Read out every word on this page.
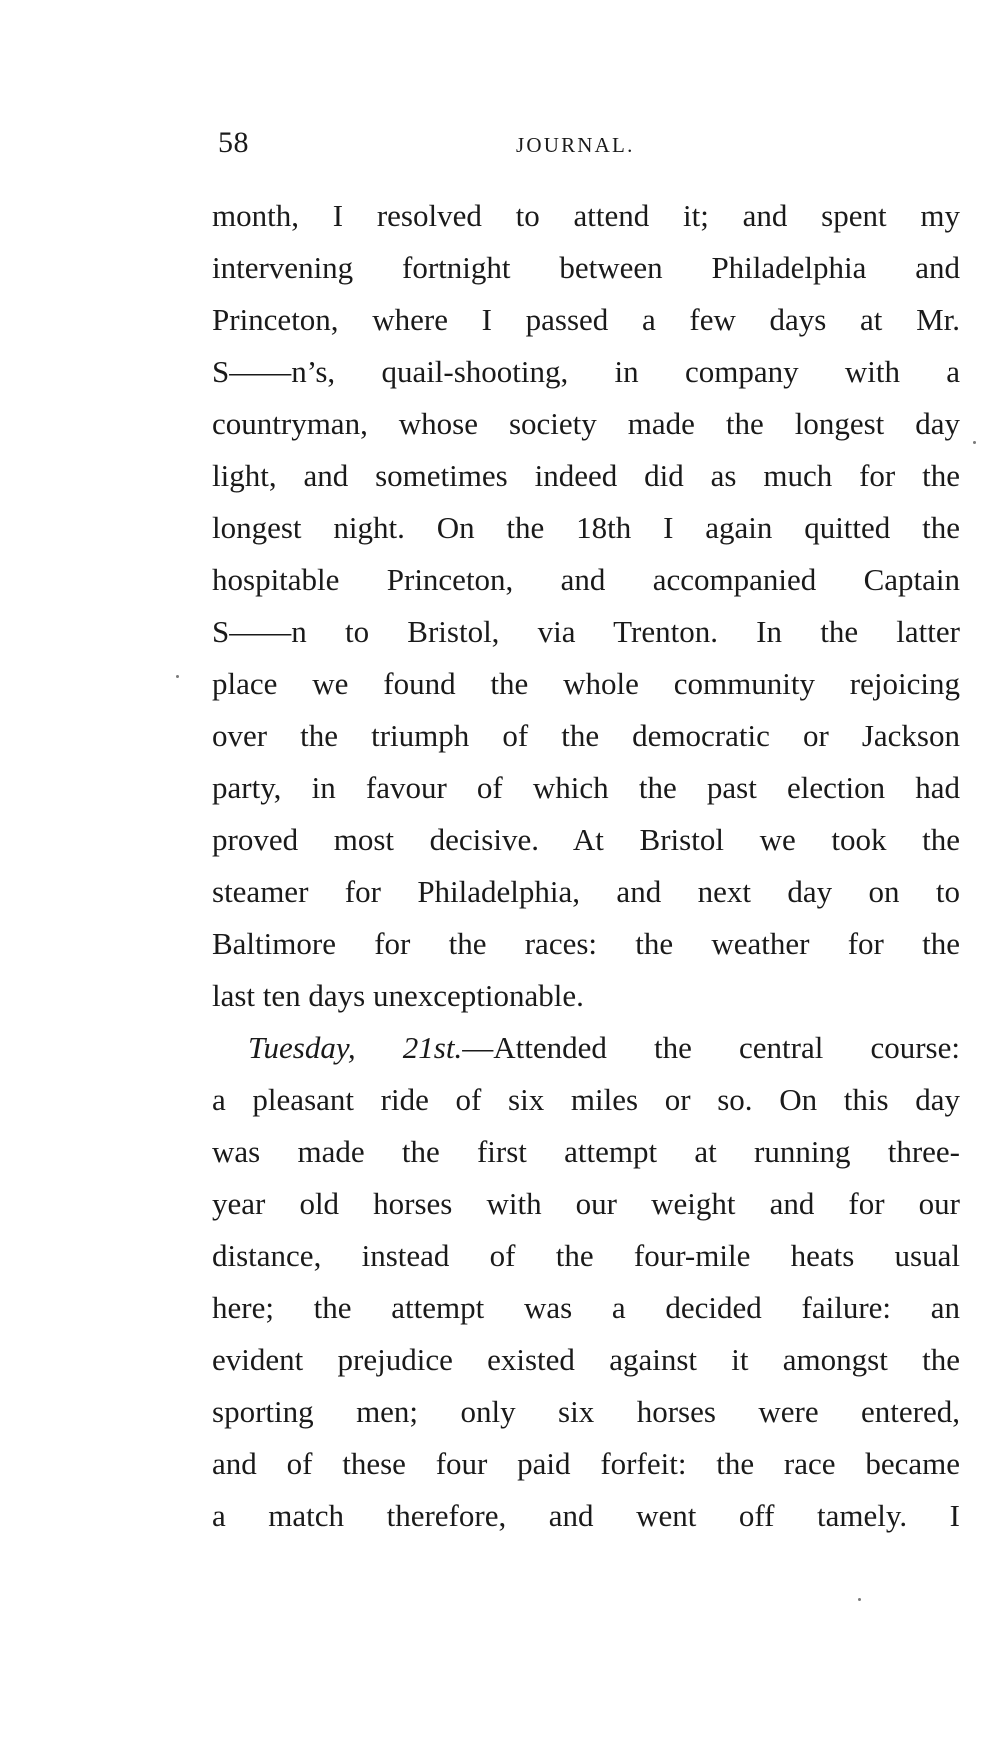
58	JOURNAL.
month, I resolved to attend it; and spent my
intervening fortnight between Philadelphia and
Princeton, where I passed a few days at Mr.
S——n’s, quail-shooting, in company with a
countryman, whose society made the longest day
light, and sometimes indeed did as much for the
longest night. On the 18th I again quitted the
hospitable Princeton, and accompanied Captain
S——n to Bristol, via Trenton. In the latter
place we found the whole community rejoicing
over the triumph of the democratic or Jackson
party, in favour of which the past election had
proved most decisive. At Bristol we took the
steamer for Philadelphia, and next day on to
Baltimore for the races: the weather for the
last ten days unexceptionable.
Tuesday, 21st.—Attended the central course:
a pleasant ride of six miles or so. On this day
was made the first attempt at running three-
year old horses with our weight and for our
distance, instead of the four-mile heats usual
here; the attempt was a decided failure: an
evident prejudice existed against it amongst the
sporting men; only six horses were entered,
and of these four paid forfeit: the race became
a match therefore, and went off tamely. I
